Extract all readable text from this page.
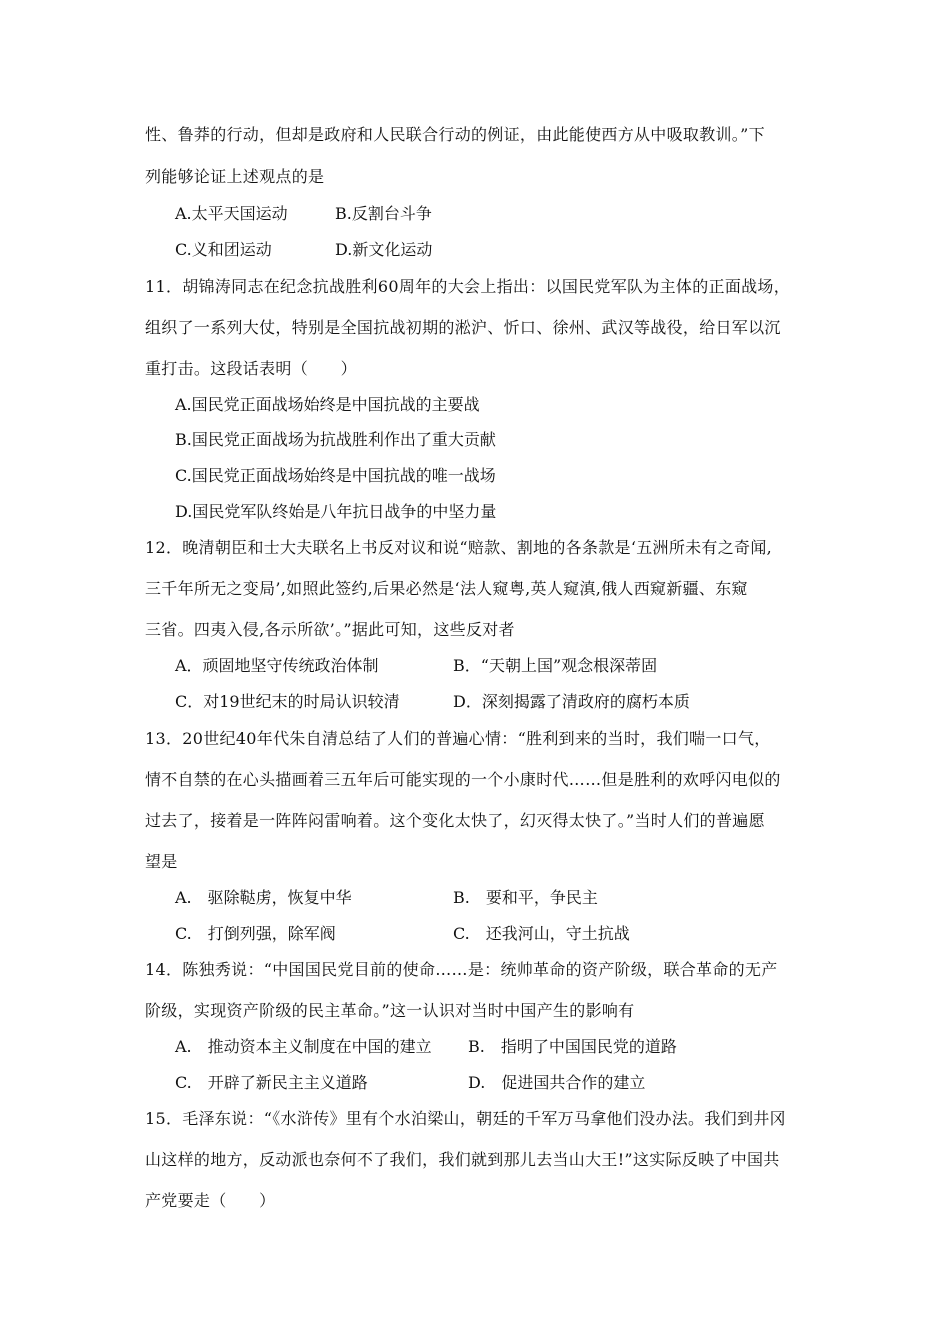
性、鲁莽的行动，但却是政府和人民联合行动的例证，由此能使西方从中吸取教训。”下
列能够论证上述观点的是
A.太平天国运动	B.反割台斗争
C.义和团运动	D.新文化运动
11．胡锦涛同志在纪念抗战胜利60周年的大会上指出：以国民党军队为主体的正面战场，
组织了一系列大仗，特别是全国抗战初期的淞沪、忻口、徐州、武汉等战役，给日军以沉
重打击。这段话表明（　　）
A.国民党正面战场始终是中国抗战的主要战
B.国民党正面战场为抗战胜利作出了重大贡献
C.国民党正面战场始终是中国抗战的唯一战场
D.国民党军队终始是八年抗日战争的中坚力量
12．晚清朝臣和士大夫联名上书反对议和说“赔款、割地的各条款是‘五洲所未有之奇闻,
三千年所无之变局’,如照此签约,后果必然是‘法人窥粤,英人窥滇,俄人西窥新疆、东窥
三省。四夷入侵,各示所欲’。”据此可知，这些反对者
A．顽固地坚守传统政治体制	B．“天朝上国”观念根深蒂固
C．对19世纪末的时局认识较清	D．深刻揭露了清政府的腐朽本质
13．20世纪40年代朱自清总结了人们的普遍心情：“胜利到来的当时，我们喘一口气，
情不自禁的在心头描画着三五年后可能实现的一个小康时代……但是胜利的欢呼闪电似的
过去了，接着是一阵阵闷雷响着。这个变化太快了，幻灭得太快了。”当时人们的普遍愿
望是
A.　驱除鞑虏，恢复中华	B.　要和平，争民主
C.　打倒列强，除军阀	C.　还我河山，守土抗战
14．陈独秀说：“中国国民党目前的使命……是：统帅革命的资产阶级，联合革命的无产
阶级，实现资产阶级的民主革命。”这一认识对当时中国产生的影响有
A.　推动资本主义制度在中国的建立 B.　指明了中国国民党的道路
C.　开辟了新民主主义道路	D.　促进国共合作的建立
15．毛泽东说：“《水浒传》里有个水泊梁山，朝廷的千军万马拿他们没办法。我们到井冈
山这样的地方，反动派也奈何不了我们，我们就到那儿去当山大王!”这实际反映了中国共
产党要走（　　）
